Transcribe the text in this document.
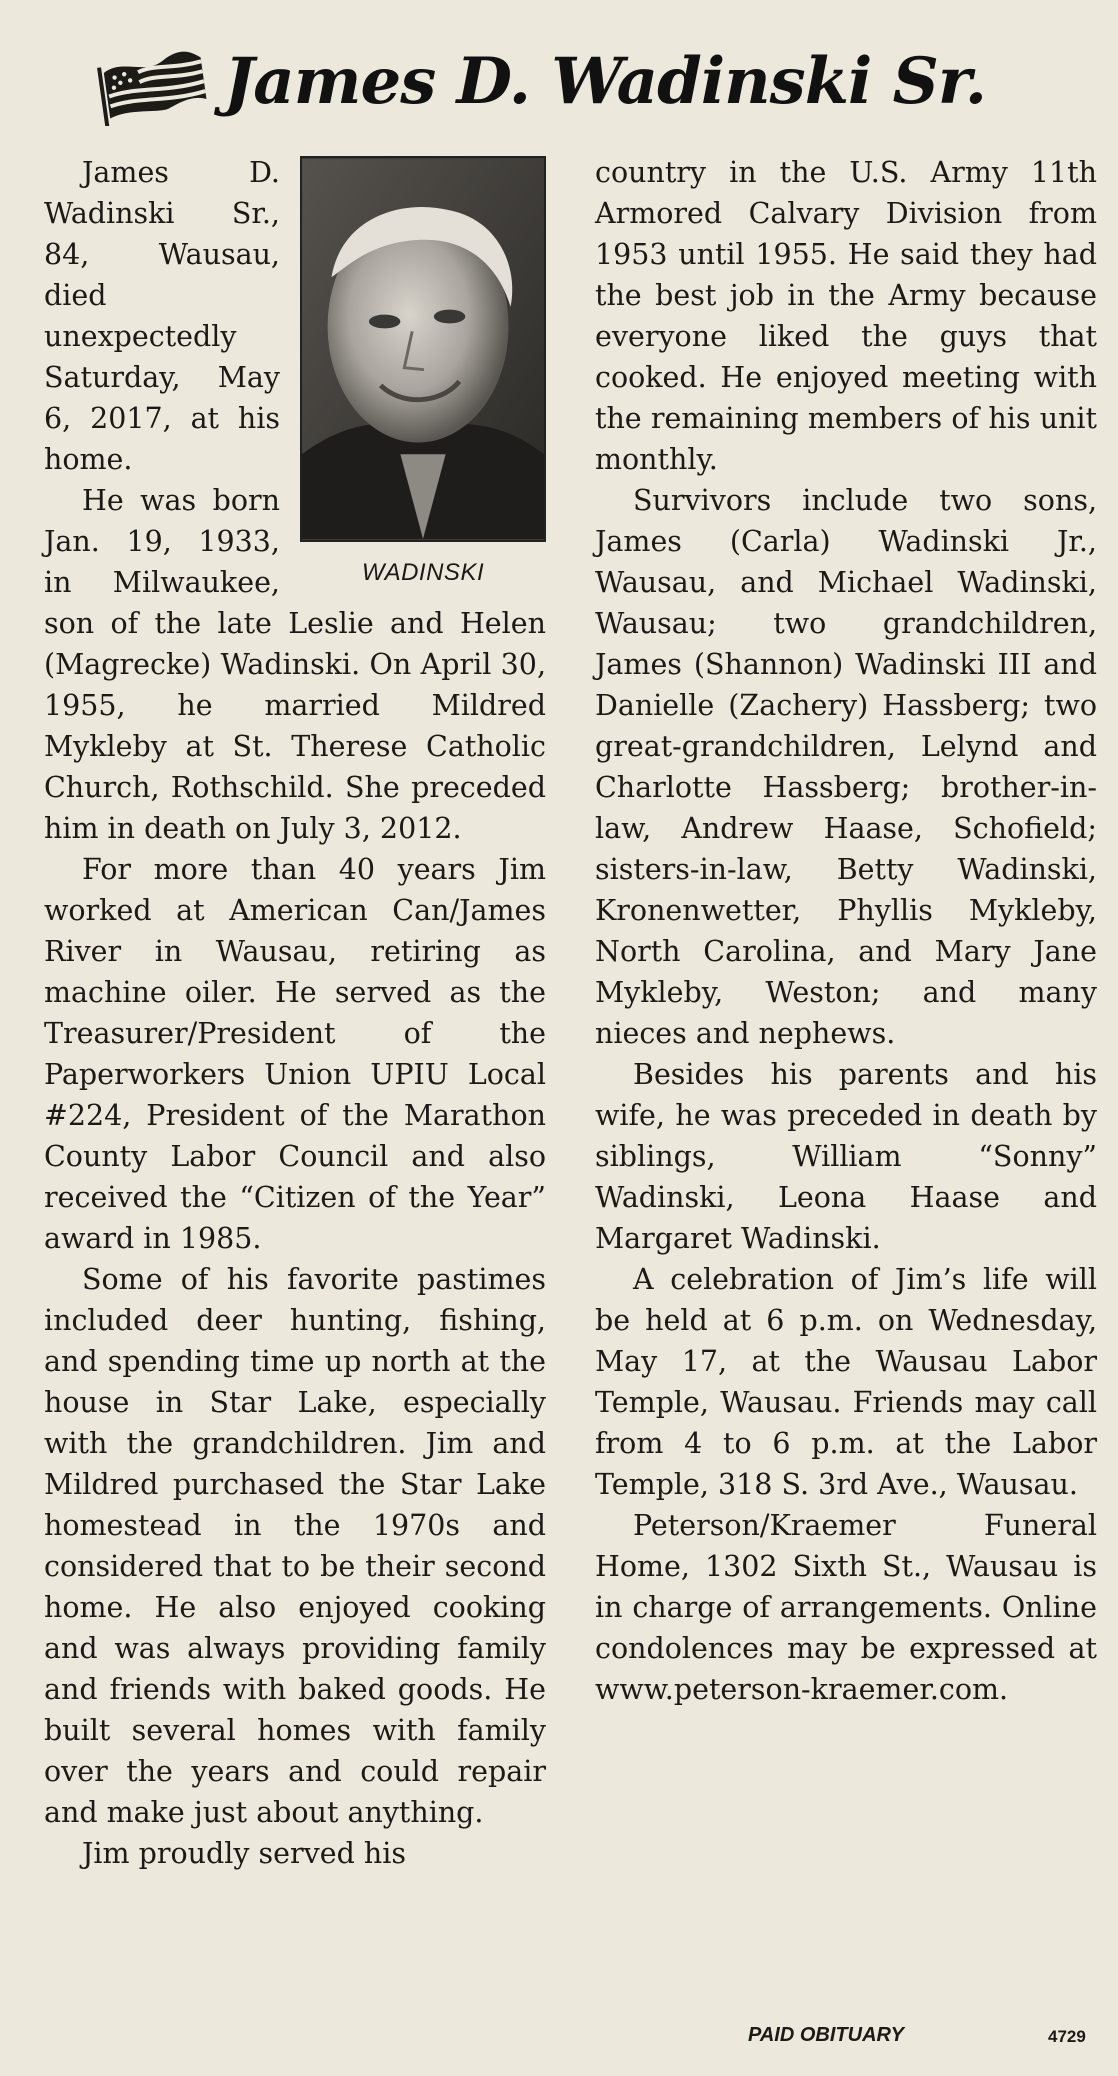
James D. Wadinski Sr.
WADINSKI

James D. Wadinski Sr., 84, Wausau, died unexpectedly Saturday, May 6, 2017, at his home.

He was born Jan. 19, 1933, in Milwaukee, son of the late Leslie and Helen (Magrecke) Wadinski. On April 30, 1955, he married Mildred Mykleby at St. Therese Catholic Church, Rothschild. She preceded him in death on July 3, 2012.

For more than 40 years Jim worked at American Can/James River in Wausau, retiring as machine oiler. He served as the Treasurer/President of the Paperworkers Union UPIU Local #224, President of the Marathon County Labor Council and also received the “Citizen of the Year” award in 1985.

Some of his favorite pastimes included deer hunting, fishing, and spending time up north at the house in Star Lake, especially with the grandchildren. Jim and Mildred purchased the Star Lake homestead in the 1970s and considered that to be their second home. He also enjoyed cooking and was always providing family and friends with baked goods. He built several homes with family over the years and could repair and make just about anything.

Jim proudly served his

country in the U.S. Army 11th Armored Calvary Division from 1953 until 1955. He said they had the best job in the Army because everyone liked the guys that cooked. He enjoyed meeting with the remaining members of his unit monthly.

Survivors include two sons, James (Carla) Wadinski Jr., Wausau, and Michael Wadinski, Wausau; two grandchildren, James (Shannon) Wadinski III and Danielle (Zachery) Hassberg; two great-grandchildren, Lelynd and Charlotte Hassberg; brother-in-law, Andrew Haase, Schofield; sisters-in-law, Betty Wadinski, Kronenwetter, Phyllis Mykleby, North Carolina, and Mary Jane Mykleby, Weston; and many nieces and nephews.

Besides his parents and his wife, he was preceded in death by siblings, William “Sonny” Wadinski, Leona Haase and Margaret Wadinski.

A celebration of Jim’s life will be held at 6 p.m. on Wednesday, May 17, at the Wausau Labor Temple, Wausau. Friends may call from 4 to 6 p.m. at the Labor Temple, 318 S. 3rd Ave., Wausau.

Peterson/Kraemer Funeral Home, 1302 Sixth St., Wausau is in charge of arrangements. Online condolences may be expressed at www.peterson-kraemer.com.

PAID OBITUARY	4729
